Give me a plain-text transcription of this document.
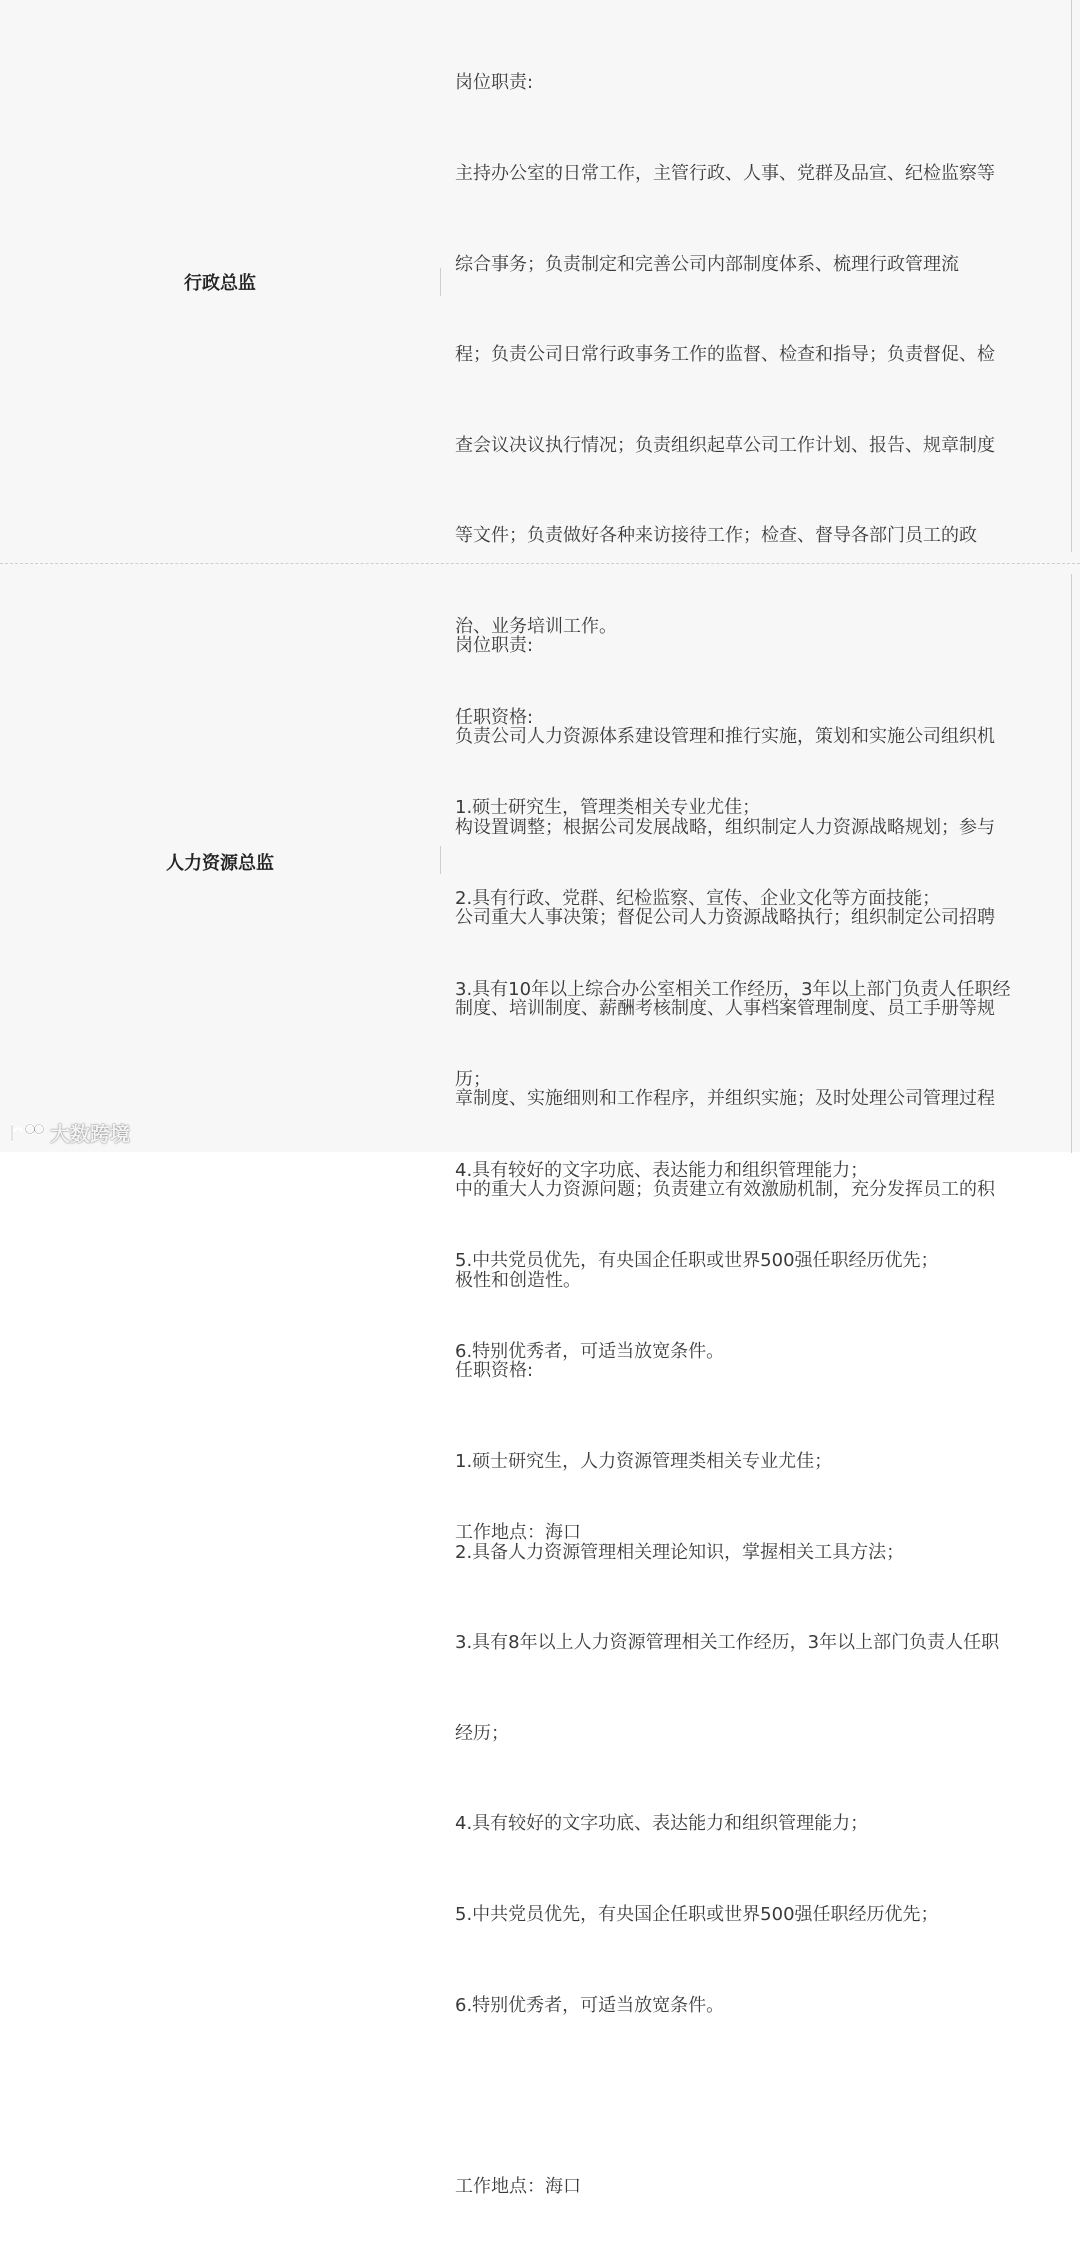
行政总监

岗位职责:

主持办公室的日常工作，主管行政、人事、党群及品宣、纪检监察等

综合事务；负责制定和完善公司内部制度体系、梳理行政管理流

程；负责公司日常行政事务工作的监督、检查和指导；负责督促、检

查会议决议执行情况；负责组织起草公司工作计划、报告、规章制度

等文件；负责做好各种来访接待工作；检查、督导各部门员工的政

治、业务培训工作。

任职资格:

1.硕士研究生，管理类相关专业尤佳；

2.具有行政、党群、纪检监察、宣传、企业文化等方面技能；

3.具有10年以上综合办公室相关工作经历，3年以上部门负责人任职经

历；

4.具有较好的文字功底、表达能力和组织管理能力；

5.中共党员优先，有央国企任职或世界500强任职经历优先；

6.特别优秀者，可适当放宽条件。

工作地点：海口

人力资源总监

岗位职责:

负责公司人力资源体系建设管理和推行实施，策划和实施公司组织机

构设置调整；根据公司发展战略，组织制定人力资源战略规划；参与

公司重大人事决策；督促公司人力资源战略执行；组织制定公司招聘

制度、培训制度、薪酬考核制度、人事档案管理制度、员工手册等规

章制度、实施细则和工作程序，并组织实施；及时处理公司管理过程

中的重大人力资源问题；负责建立有效激励机制，充分发挥员工的积

极性和创造性。

任职资格:

1.硕士研究生，人力资源管理类相关专业尤佳；

2.具备人力资源管理相关理论知识，掌握相关工具方法；

3.具有8年以上人力资源管理相关工作经历，3年以上部门负责人任职

经历；

4.具有较好的文字功底、表达能力和组织管理能力；

5.中共党员优先，有央国企任职或世界500强任职经历优先；

6.特别优秀者，可适当放宽条件。

工作地点：海口

大数跨境
